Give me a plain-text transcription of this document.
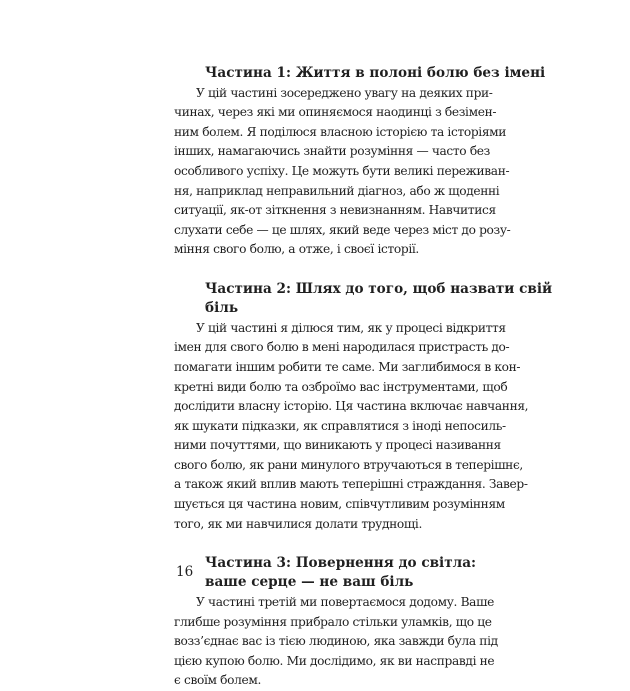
Частина 1: Життя в полоні болю без імені

У цій частині зосереджено увагу на деяких при-
чинах, через які ми опиняємося наодинці з безімен-
ним болем. Я поділюся власною історією та історіями
інших, намагаючись знайти розуміння — часто без
особливого успіху. Це можуть бути великі переживан-
ня, наприклад неправильний діагноз, або ж щоденні
ситуації, як-от зіткнення з невизнанням. Навчитися
слухати себе — це шлях, який веде через міст до розу-
міння свого болю, а отже, і своєї історії.

Частина 2: Шлях до того, щоб назвати свій
біль

У цій частині я ділюся тим, як у процесі відкриття
імен для свого болю в мені народилася пристрасть до-
помагати іншим робити те саме. Ми заглибимося в кон-
кретні види болю та озброїмо вас інструментами, щоб
дослідити власну історію. Ця частина включає навчання,
як шукати підказки, як справлятися з іноді непосиль-
ними почуттями, що виникають у процесі називання
свого болю, як рани минулого втручаються в теперішнє,
а також який вплив мають теперішні страждання. Завер-
шується ця частина новим, співчутливим розумінням
того, як ми навчилися долати труднощі.

Частина 3: Повернення до світла:
ваше серце — не ваш біль

У частині третій ми повертаємося додому. Ваше
глибше розуміння прибрало стільки уламків, що це
возз’єднає вас із тією людиною, яка завжди була під
цією купою болю. Ми дослідимо, як ви насправді не
є своїм болем.

16
